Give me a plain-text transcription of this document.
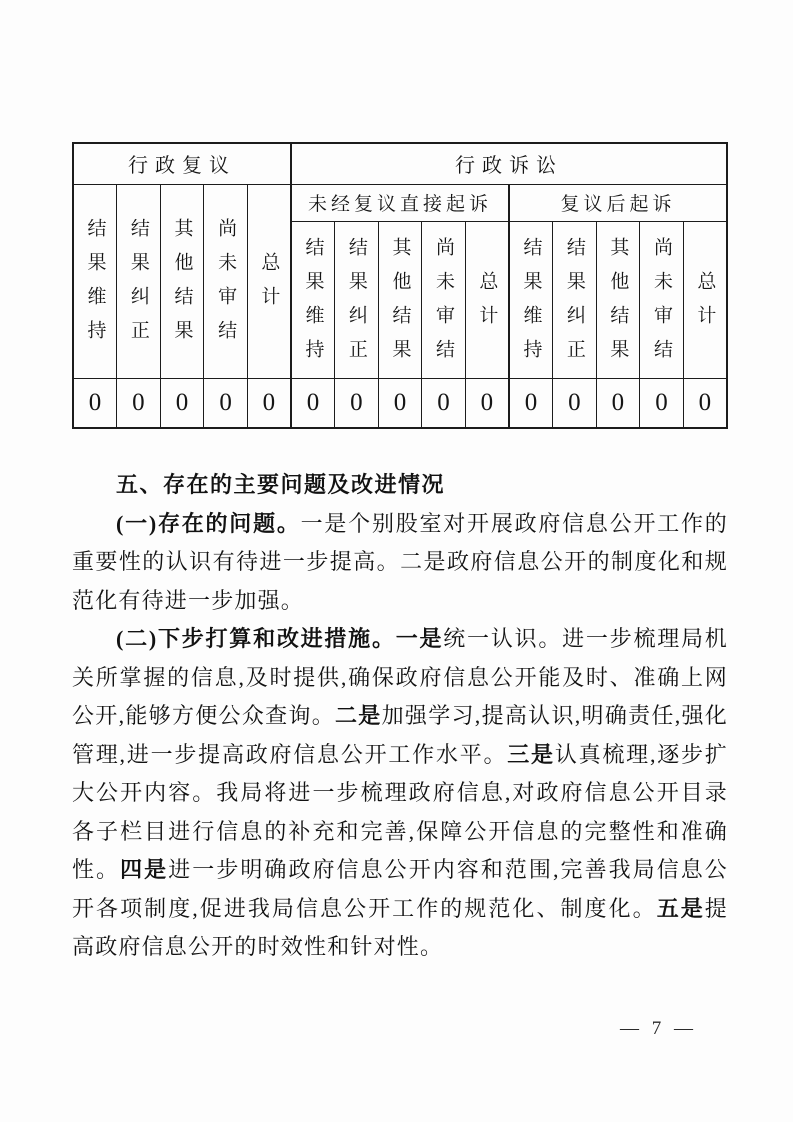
行政复议					行政诉讼									
结果维持	结果纠正	其他结果	尚未审结	总计	未经复议直接起诉					复议后起诉				
					结果维持	结果纠正	其他结果	尚未审结	总计	结果维持	结果纠正	其他结果	尚未审结	总计
0	0	0	0	0	0	0	0	0	0	0	0	0	0	0
五、存在的主要问题及改进情况

(一)存在的问题。一是个别股室对开展政府信息公开工作的重要性的认识有待进一步提高。二是政府信息公开的制度化和规范化有待进一步加强。

(二)下步打算和改进措施。一是统一认识。进一步梳理局机关所掌握的信息,及时提供,确保政府信息公开能及时、准确上网公开,能够方便公众查询。二是加强学习,提高认识,明确责任,强化管理,进一步提高政府信息公开工作水平。三是认真梳理,逐步扩大公开内容。我局将进一步梳理政府信息,对政府信息公开目录各子栏目进行信息的补充和完善,保障公开信息的完整性和准确性。四是进一步明确政府信息公开内容和范围,完善我局信息公开各项制度,促进我局信息公开工作的规范化、制度化。五是提高政府信息公开的时效性和针对性。

— 7 —
